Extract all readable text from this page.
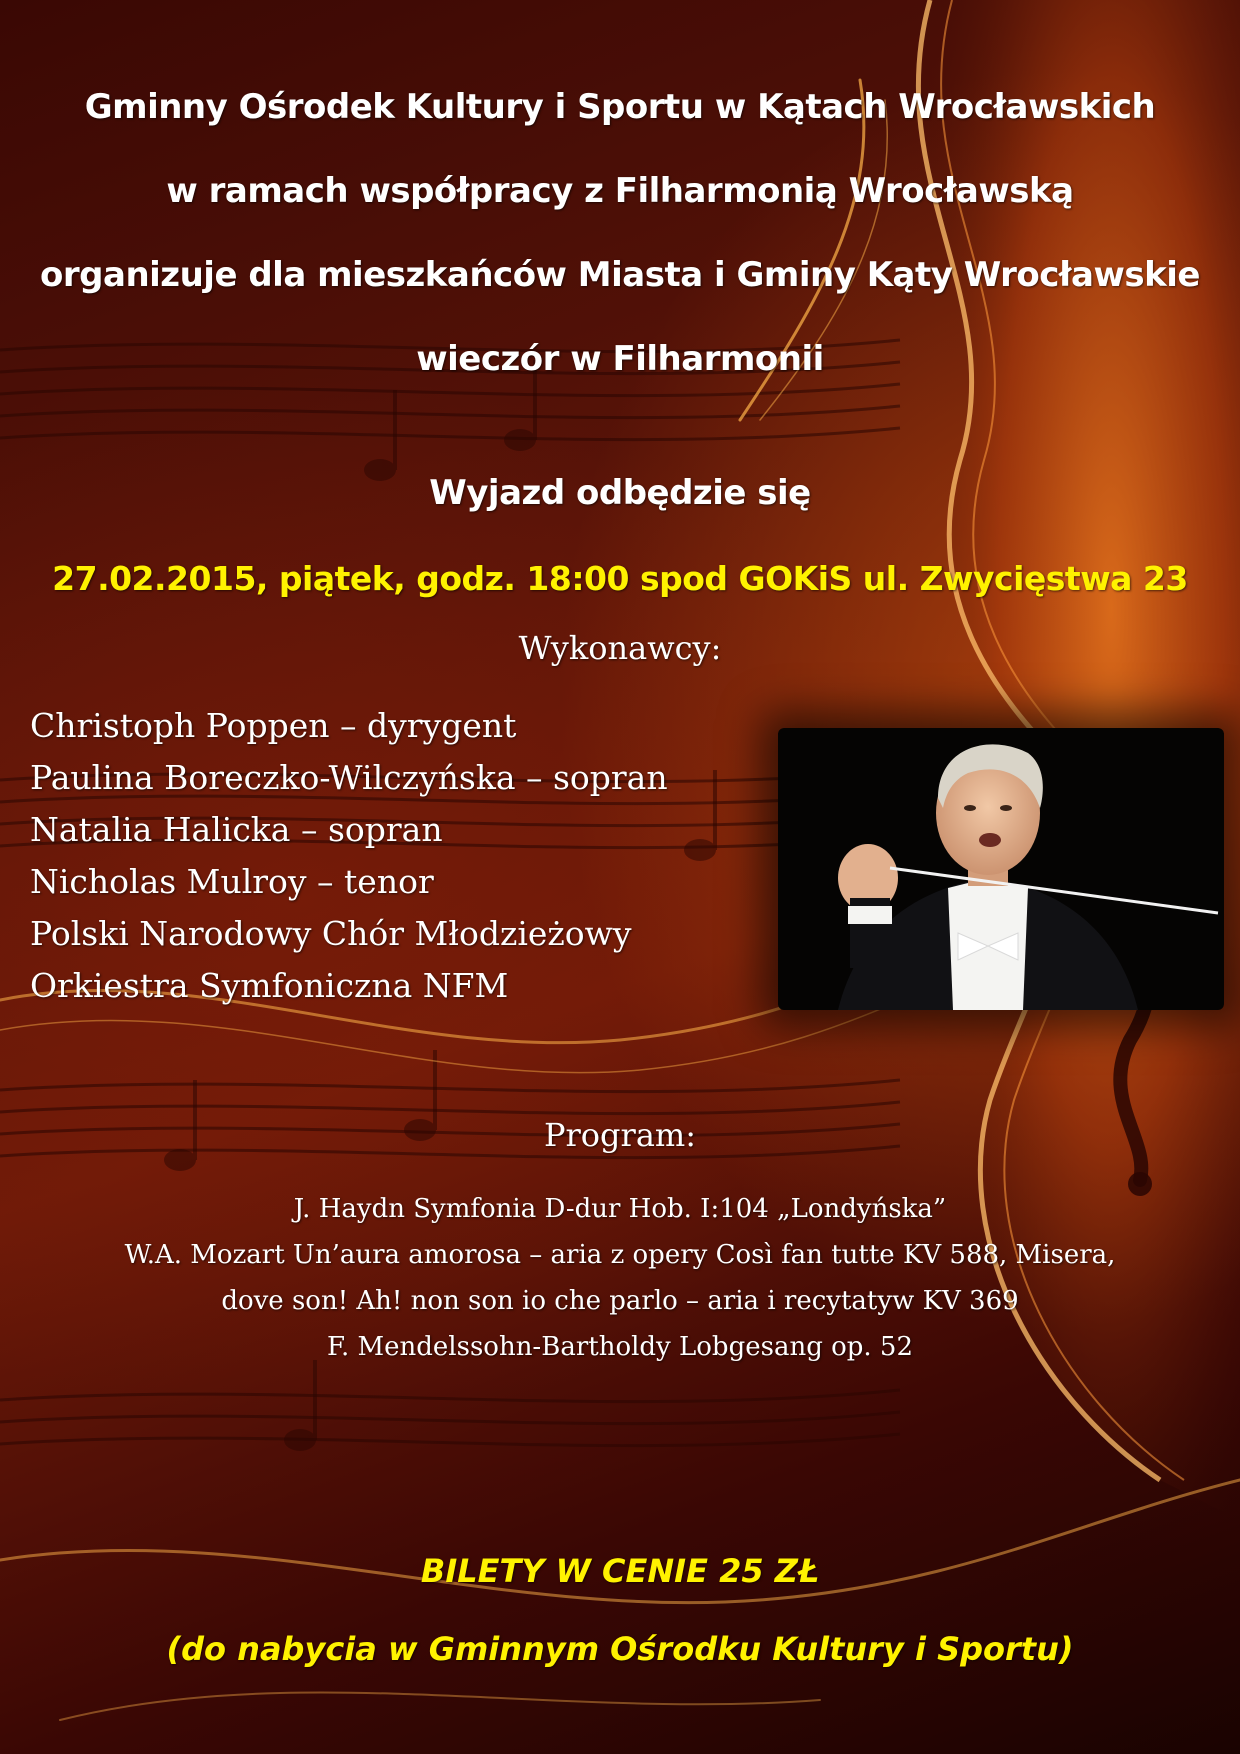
Gminny Ośrodek Kultury i Sportu w Kątach Wrocławskich

w ramach współpracy z Filharmonią Wrocławską

organizuje dla mieszkańców Miasta i Gminy Kąty Wrocławskie

wieczór w Filharmonii

Wyjazd odbędzie się

27.02.2015, piątek, godz. 18:00 spod GOKiS ul. Zwycięstwa 23

Wykonawcy:

Christoph Poppen – dyrygent
Paulina Boreczko-Wilczyńska – sopran
Natalia Halicka – sopran
Nicholas Mulroy – tenor
Polski Narodowy Chór Młodzieżowy
Orkiestra Symfoniczna NFM

Program:

J. Haydn Symfonia D-dur Hob. I:104 „Londyńska”
W.A. Mozart Un’aura amorosa – aria z opery Così fan tutte KV 588, Misera,
dove son! Ah! non son io che parlo – aria i recytatyw KV 369
F. Mendelssohn-Bartholdy Lobgesang op. 52

BILETY W CENIE 25 ZŁ

(do nabycia w Gminnym Ośrodku Kultury i Sportu)
